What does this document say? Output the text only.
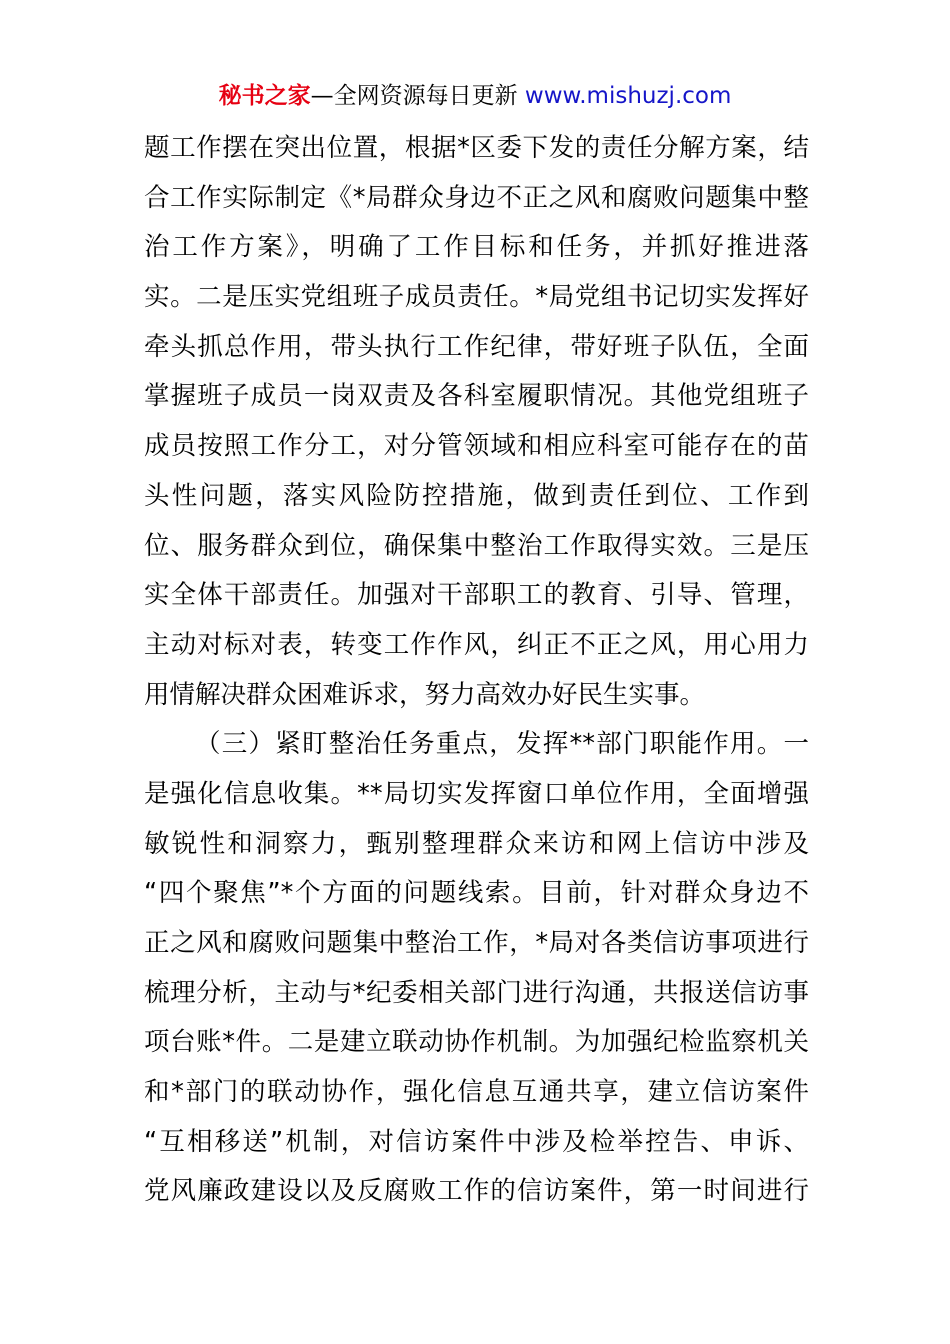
秘书之家—全网资源每日更新 www.mishuzj.com
题工作摆在突出位置，根据*区委下发的责任分解方案，结
合工作实际制定《*局群众身边不正之风和腐败问题集中整
治工作方案》，明确了工作目标和任务，并抓好推进落
实。二是压实党组班子成员责任。*局党组书记切实发挥好
牵头抓总作用，带头执行工作纪律，带好班子队伍，全面
掌握班子成员一岗双责及各科室履职情况。其他党组班子
成员按照工作分工，对分管领域和相应科室可能存在的苗
头性问题，落实风险防控措施，做到责任到位、工作到
位、服务群众到位，确保集中整治工作取得实效。三是压
实全体干部责任。加强对干部职工的教育、引导、管理，
主动对标对表，转变工作作风，纠正不正之风，用心用力
用情解决群众困难诉求，努力高效办好民生实事。
（三）紧盯整治任务重点，发挥**部门职能作用。一
是强化信息收集。**局切实发挥窗口单位作用，全面增强
敏锐性和洞察力，甄别整理群众来访和网上信访中涉及
“四个聚焦”*个方面的问题线索。目前，针对群众身边不
正之风和腐败问题集中整治工作，*局对各类信访事项进行
梳理分析，主动与*纪委相关部门进行沟通，共报送信访事
项台账*件。二是建立联动协作机制。为加强纪检监察机关
和*部门的联动协作，强化信息互通共享，建立信访案件
“互相移送”机制，对信访案件中涉及检举控告、申诉、
党风廉政建设以及反腐败工作的信访案件，第一时间进行
